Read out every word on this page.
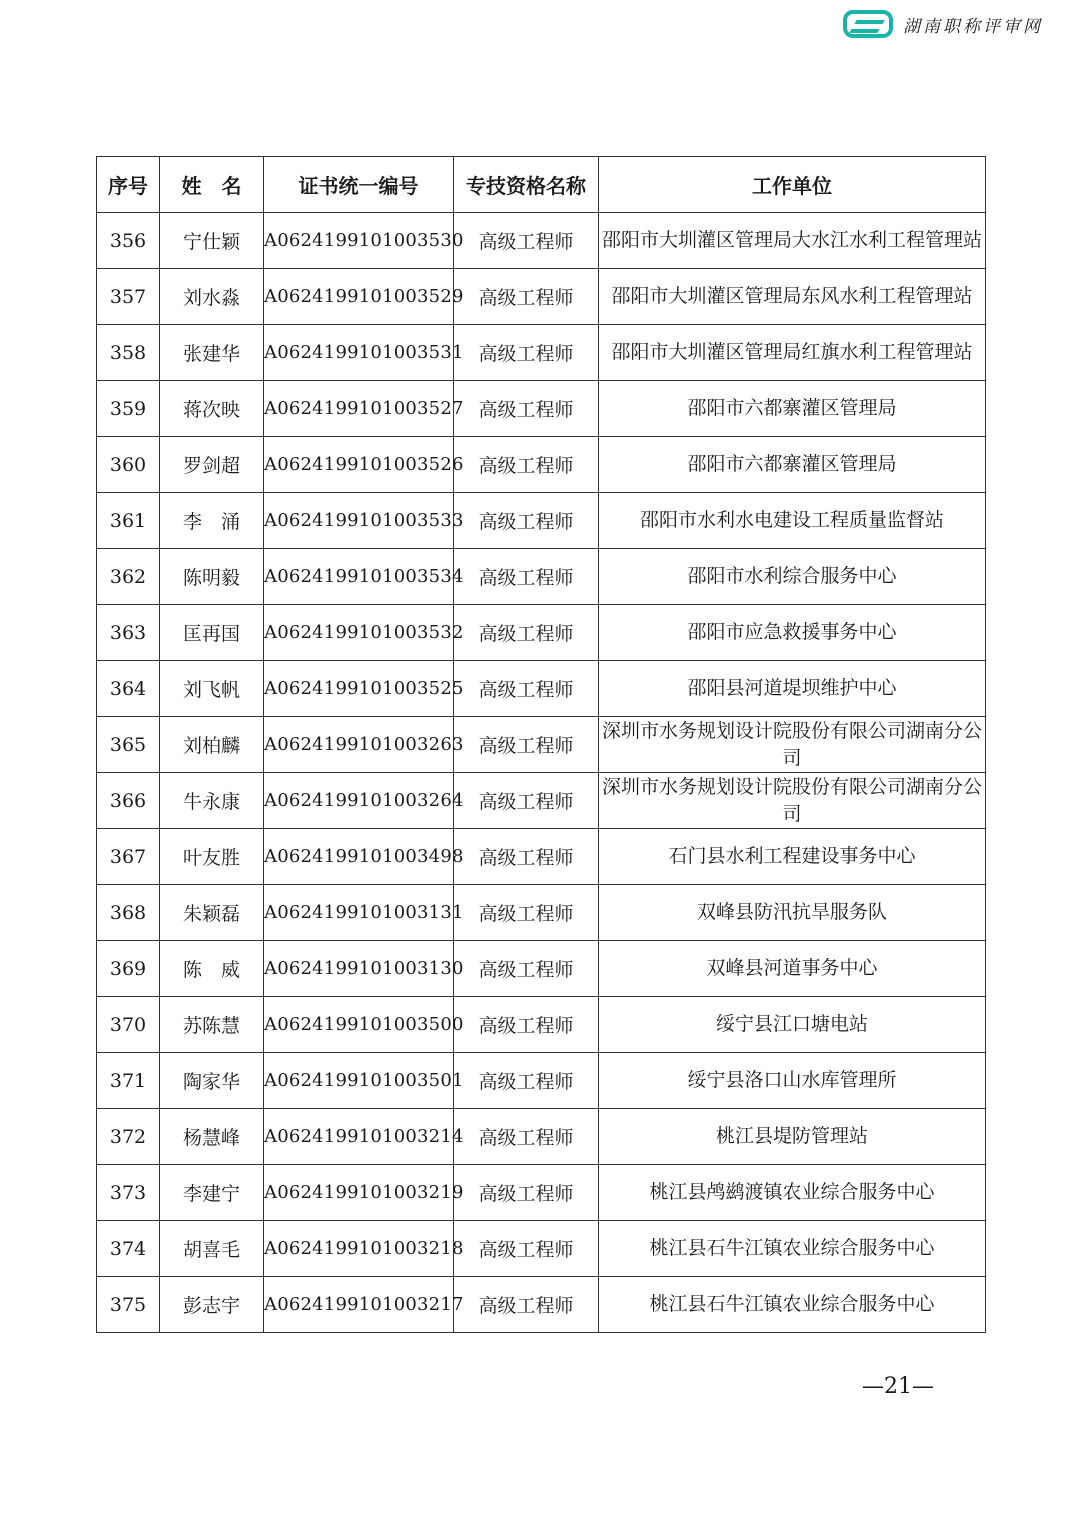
湖南职称评审网
序号	姓　名	证书统一编号	专技资格名称	工作单位
356	宁仕颖	A0624199101003530	高级工程师	邵阳市大圳灌区管理局大水江水利工程管理站
357	刘水淼	A0624199101003529	高级工程师	邵阳市大圳灌区管理局东风水利工程管理站
358	张建华	A0624199101003531	高级工程师	邵阳市大圳灌区管理局红旗水利工程管理站
359	蒋次映	A0624199101003527	高级工程师	邵阳市六都寨灌区管理局
360	罗剑超	A0624199101003526	高级工程师	邵阳市六都寨灌区管理局
361	李　涌	A0624199101003533	高级工程师	邵阳市水利水电建设工程质量监督站
362	陈明毅	A0624199101003534	高级工程师	邵阳市水利综合服务中心
363	匡再国	A0624199101003532	高级工程师	邵阳市应急救援事务中心
364	刘飞帆	A0624199101003525	高级工程师	邵阳县河道堤坝维护中心
365	刘柏麟	A0624199101003263	高级工程师	深圳市水务规划设计院股份有限公司湖南分公司
366	牛永康	A0624199101003264	高级工程师	深圳市水务规划设计院股份有限公司湖南分公司
367	叶友胜	A0624199101003498	高级工程师	石门县水利工程建设事务中心
368	朱颖磊	A0624199101003131	高级工程师	双峰县防汛抗旱服务队
369	陈　威	A0624199101003130	高级工程师	双峰县河道事务中心
370	苏陈慧	A0624199101003500	高级工程师	绥宁县江口塘电站
371	陶家华	A0624199101003501	高级工程师	绥宁县洛口山水库管理所
372	杨慧峰	A0624199101003214	高级工程师	桃江县堤防管理站
373	李建宁	A0624199101003219	高级工程师	桃江县鸬鹚渡镇农业综合服务中心
374	胡喜毛	A0624199101003218	高级工程师	桃江县石牛江镇农业综合服务中心
375	彭志宇	A0624199101003217	高级工程师	桃江县石牛江镇农业综合服务中心
—21—
